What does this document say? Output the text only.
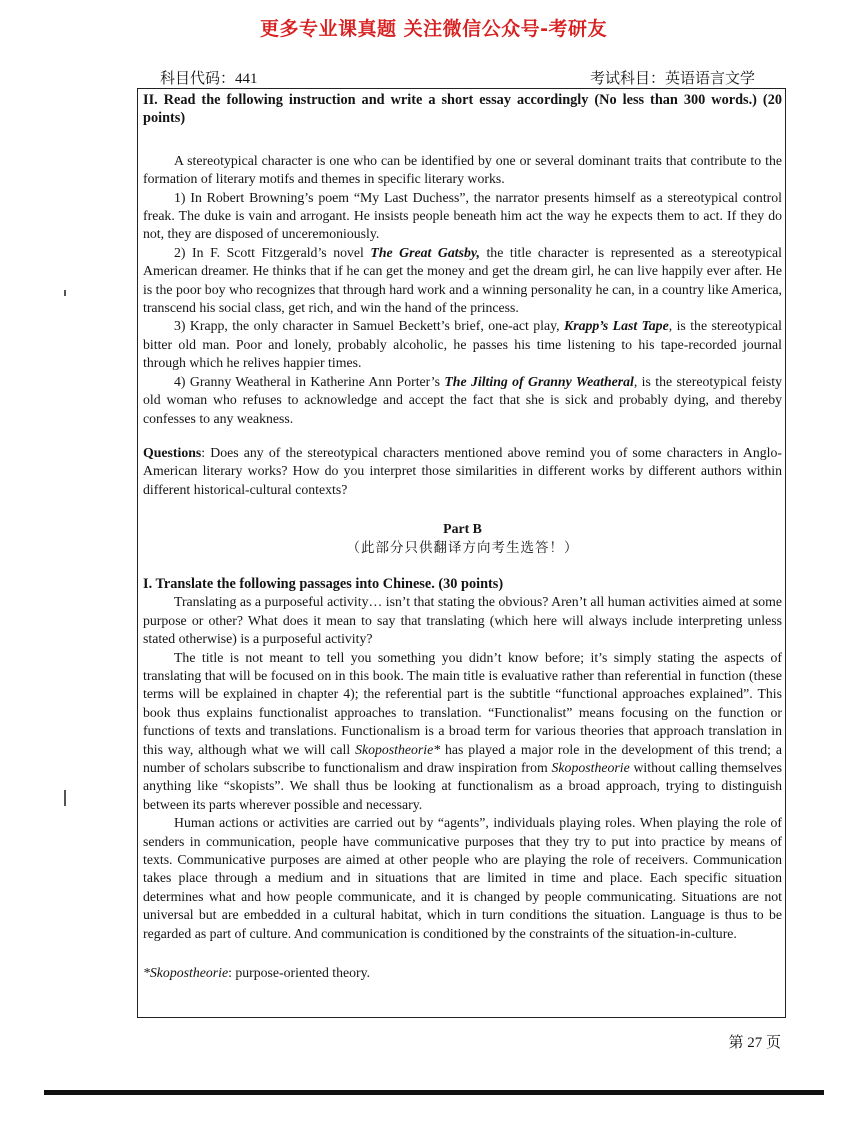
更多专业课真题 关注微信公众号-考研友
科目代码：441	考试科目：英语语言文学

II. Read the following instruction and write a short essay accordingly (No less than 300 words.) (20 points)

A stereotypical character is one who can be identified by one or several dominant traits that contribute to the formation of literary motifs and themes in specific literary works.

1) In Robert Browning’s poem “My Last Duchess”, the narrator presents himself as a stereotypical control freak. The duke is vain and arrogant. He insists people beneath him act the way he expects them to act. If they do not, they are disposed of unceremoniously.

2) In F. Scott Fitzgerald’s novel The Great Gatsby, the title character is represented as a stereotypical American dreamer. He thinks that if he can get the money and get the dream girl, he can live happily ever after. He is the poor boy who recognizes that through hard work and a winning personality he can, in a country like America, transcend his social class, get rich, and win the hand of the princess.

3) Krapp, the only character in Samuel Beckett’s brief, one-act play, Krapp’s Last Tape, is the stereotypical bitter old man. Poor and lonely, probably alcoholic, he passes his time listening to his tape-recorded journal through which he relives happier times.

4) Granny Weatheral in Katherine Ann Porter’s The Jilting of Granny Weatheral, is the stereotypical feisty old woman who refuses to acknowledge and accept the fact that she is sick and probably dying, and thereby confesses to any weakness.

Questions: Does any of the stereotypical characters mentioned above remind you of some characters in Anglo-American literary works? How do you interpret those similarities in different works by different authors within different historical-cultural contexts?

Part B

（此部分只供翻译方向考生选答！）

I. Translate the following passages into Chinese. (30 points)

Translating as a purposeful activity… isn’t that stating the obvious? Aren’t all human activities aimed at some purpose or other? What does it mean to say that translating (which here will always include interpreting unless stated otherwise) is a purposeful activity?

The title is not meant to tell you something you didn’t know before; it’s simply stating the aspects of translating that will be focused on in this book. The main title is evaluative rather than referential in function (these terms will be explained in chapter 4); the referential part is the subtitle “functional approaches explained”. This book thus explains functionalist approaches to translation. “Functionalist” means focusing on the function or functions of texts and translations. Functionalism is a broad term for various theories that approach translation in this way, although what we will call Skopostheorie* has played a major role in the development of this trend; a number of scholars subscribe to functionalism and draw inspiration from Skopostheorie without calling themselves anything like “skopists”. We shall thus be looking at functionalism as a broad approach, trying to distinguish between its parts wherever possible and necessary.

Human actions or activities are carried out by “agents”, individuals playing roles. When playing the role of senders in communication, people have communicative purposes that they try to put into practice by means of texts. Communicative purposes are aimed at other people who are playing the role of receivers. Communication takes place through a medium and in situations that are limited in time and place. Each specific situation determines what and how people communicate, and it is changed by people communicating. Situations are not universal but are embedded in a cultural habitat, which in turn conditions the situation. Language is thus to be regarded as part of culture. And communication is conditioned by the constraints of the situation-in-culture.

*Skopostheorie: purpose-oriented theory.

第 27 页
